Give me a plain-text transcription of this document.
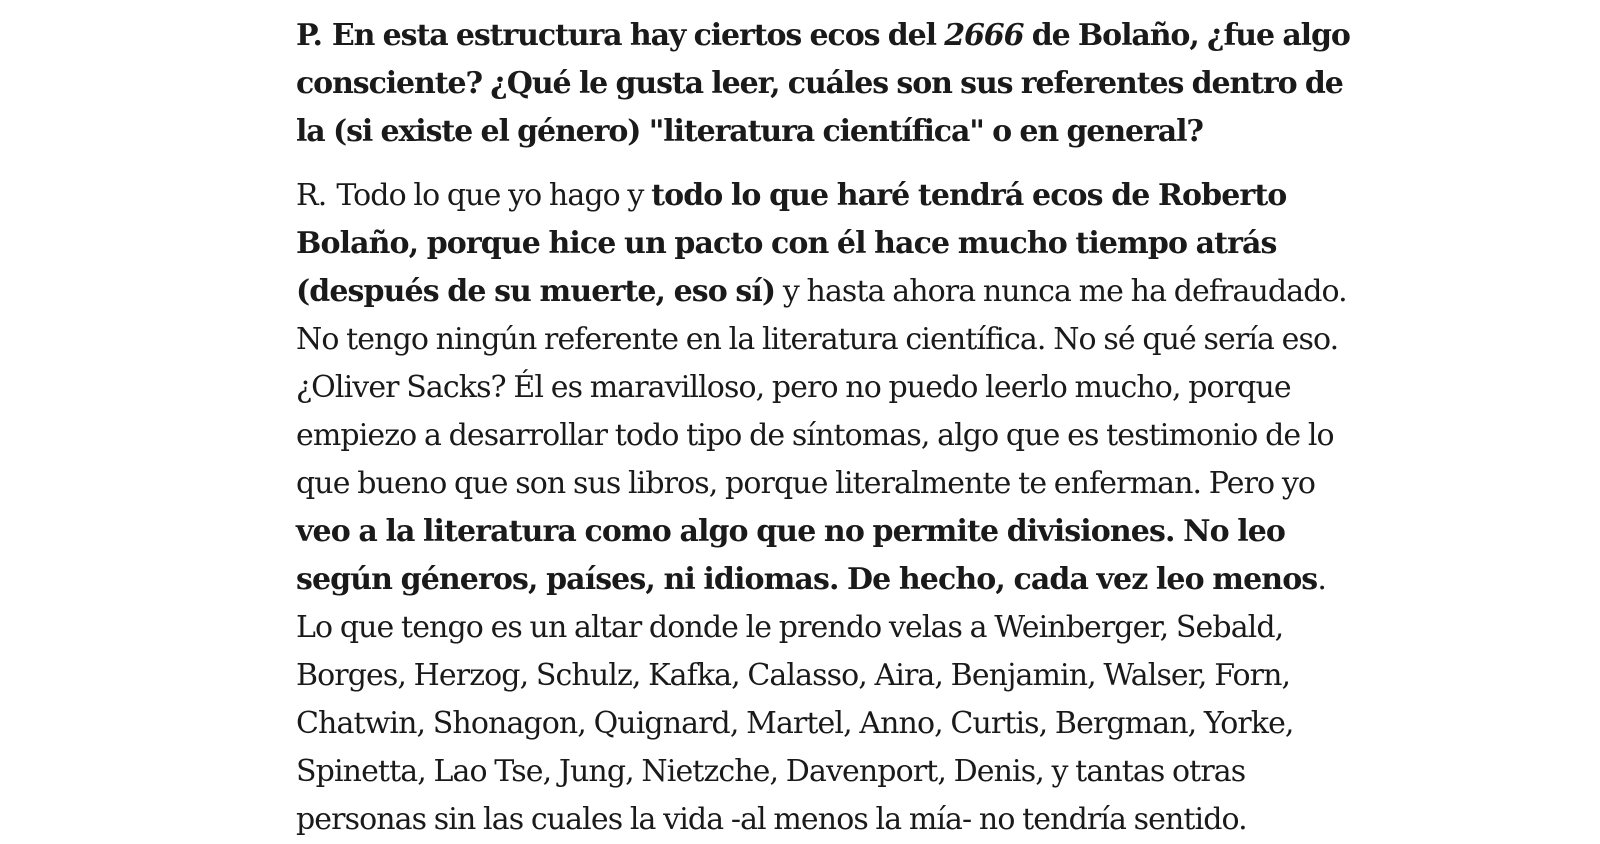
P. En esta estructura hay ciertos ecos del 2666 de Bolaño, ¿fue algo consciente? ¿Qué le gusta leer, cuáles son sus referentes dentro de la (si existe el género) "literatura científica" o en general?

R. Todo lo que yo hago y todo lo que haré tendrá ecos de Roberto Bolaño, porque hice un pacto con él hace mucho tiempo atrás (después de su muerte, eso sí) y hasta ahora nunca me ha defraudado. No tengo ningún referente en la literatura científica. No sé qué sería eso. ¿Oliver Sacks? Él es maravilloso, pero no puedo leerlo mucho, porque empiezo a desarrollar todo tipo de síntomas, algo que es testimonio de lo que bueno que son sus libros, porque literalmente te enferman. Pero yo veo a la literatura como algo que no permite divisiones. No leo según géneros, países, ni idiomas. De hecho, cada vez leo menos. Lo que tengo es un altar donde le prendo velas a Weinberger, Sebald, Borges, Herzog, Schulz, Kafka, Calasso, Aira, Benjamin, Walser, Forn, Chatwin, Shonagon, Quignard, Martel, Anno, Curtis, Bergman, Yorke, Spinetta, Lao Tse, Jung, Nietzche, Davenport, Denis, y tantas otras personas sin las cuales la vida -al menos la mía- no tendría sentido.
